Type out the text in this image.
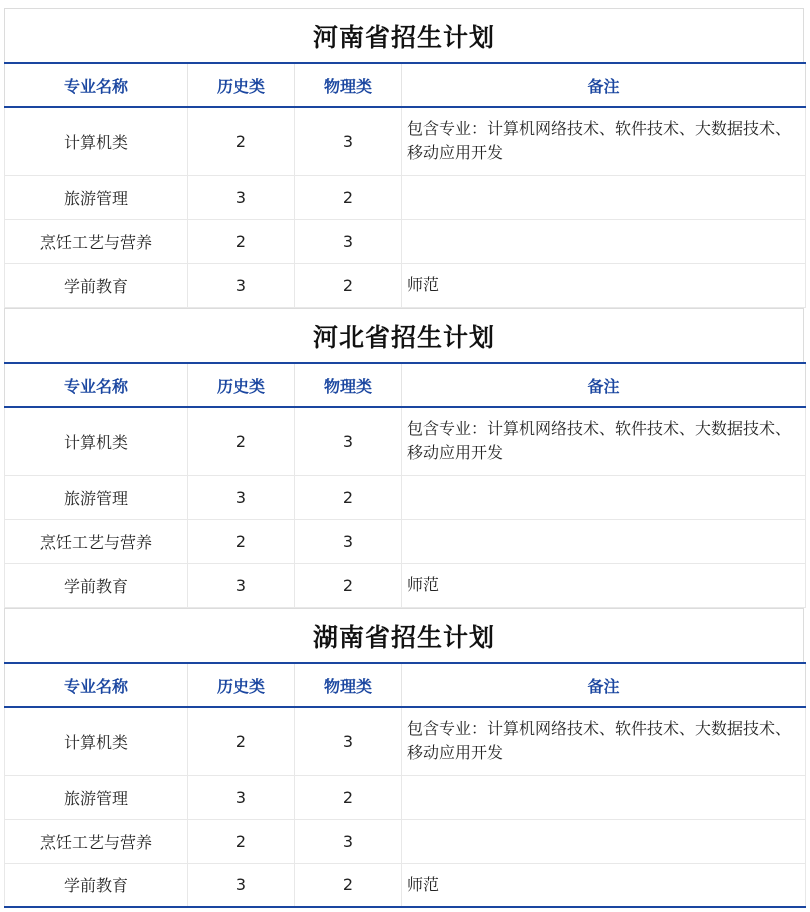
河南省招生计划
专业名称	历史类	物理类	备注
计算机类	2	3	包含专业：计算机网络技术、软件技术、大数据技术、移动应用开发
旅游管理	3	2	
烹饪工艺与营养	2	3	
学前教育	3	2	师范
河北省招生计划
专业名称	历史类	物理类	备注
计算机类	2	3	包含专业：计算机网络技术、软件技术、大数据技术、移动应用开发
旅游管理	3	2	
烹饪工艺与营养	2	3	
学前教育	3	2	师范
湖南省招生计划
专业名称	历史类	物理类	备注
计算机类	2	3	包含专业：计算机网络技术、软件技术、大数据技术、移动应用开发
旅游管理	3	2	
烹饪工艺与营养	2	3	
学前教育	3	2	师范
